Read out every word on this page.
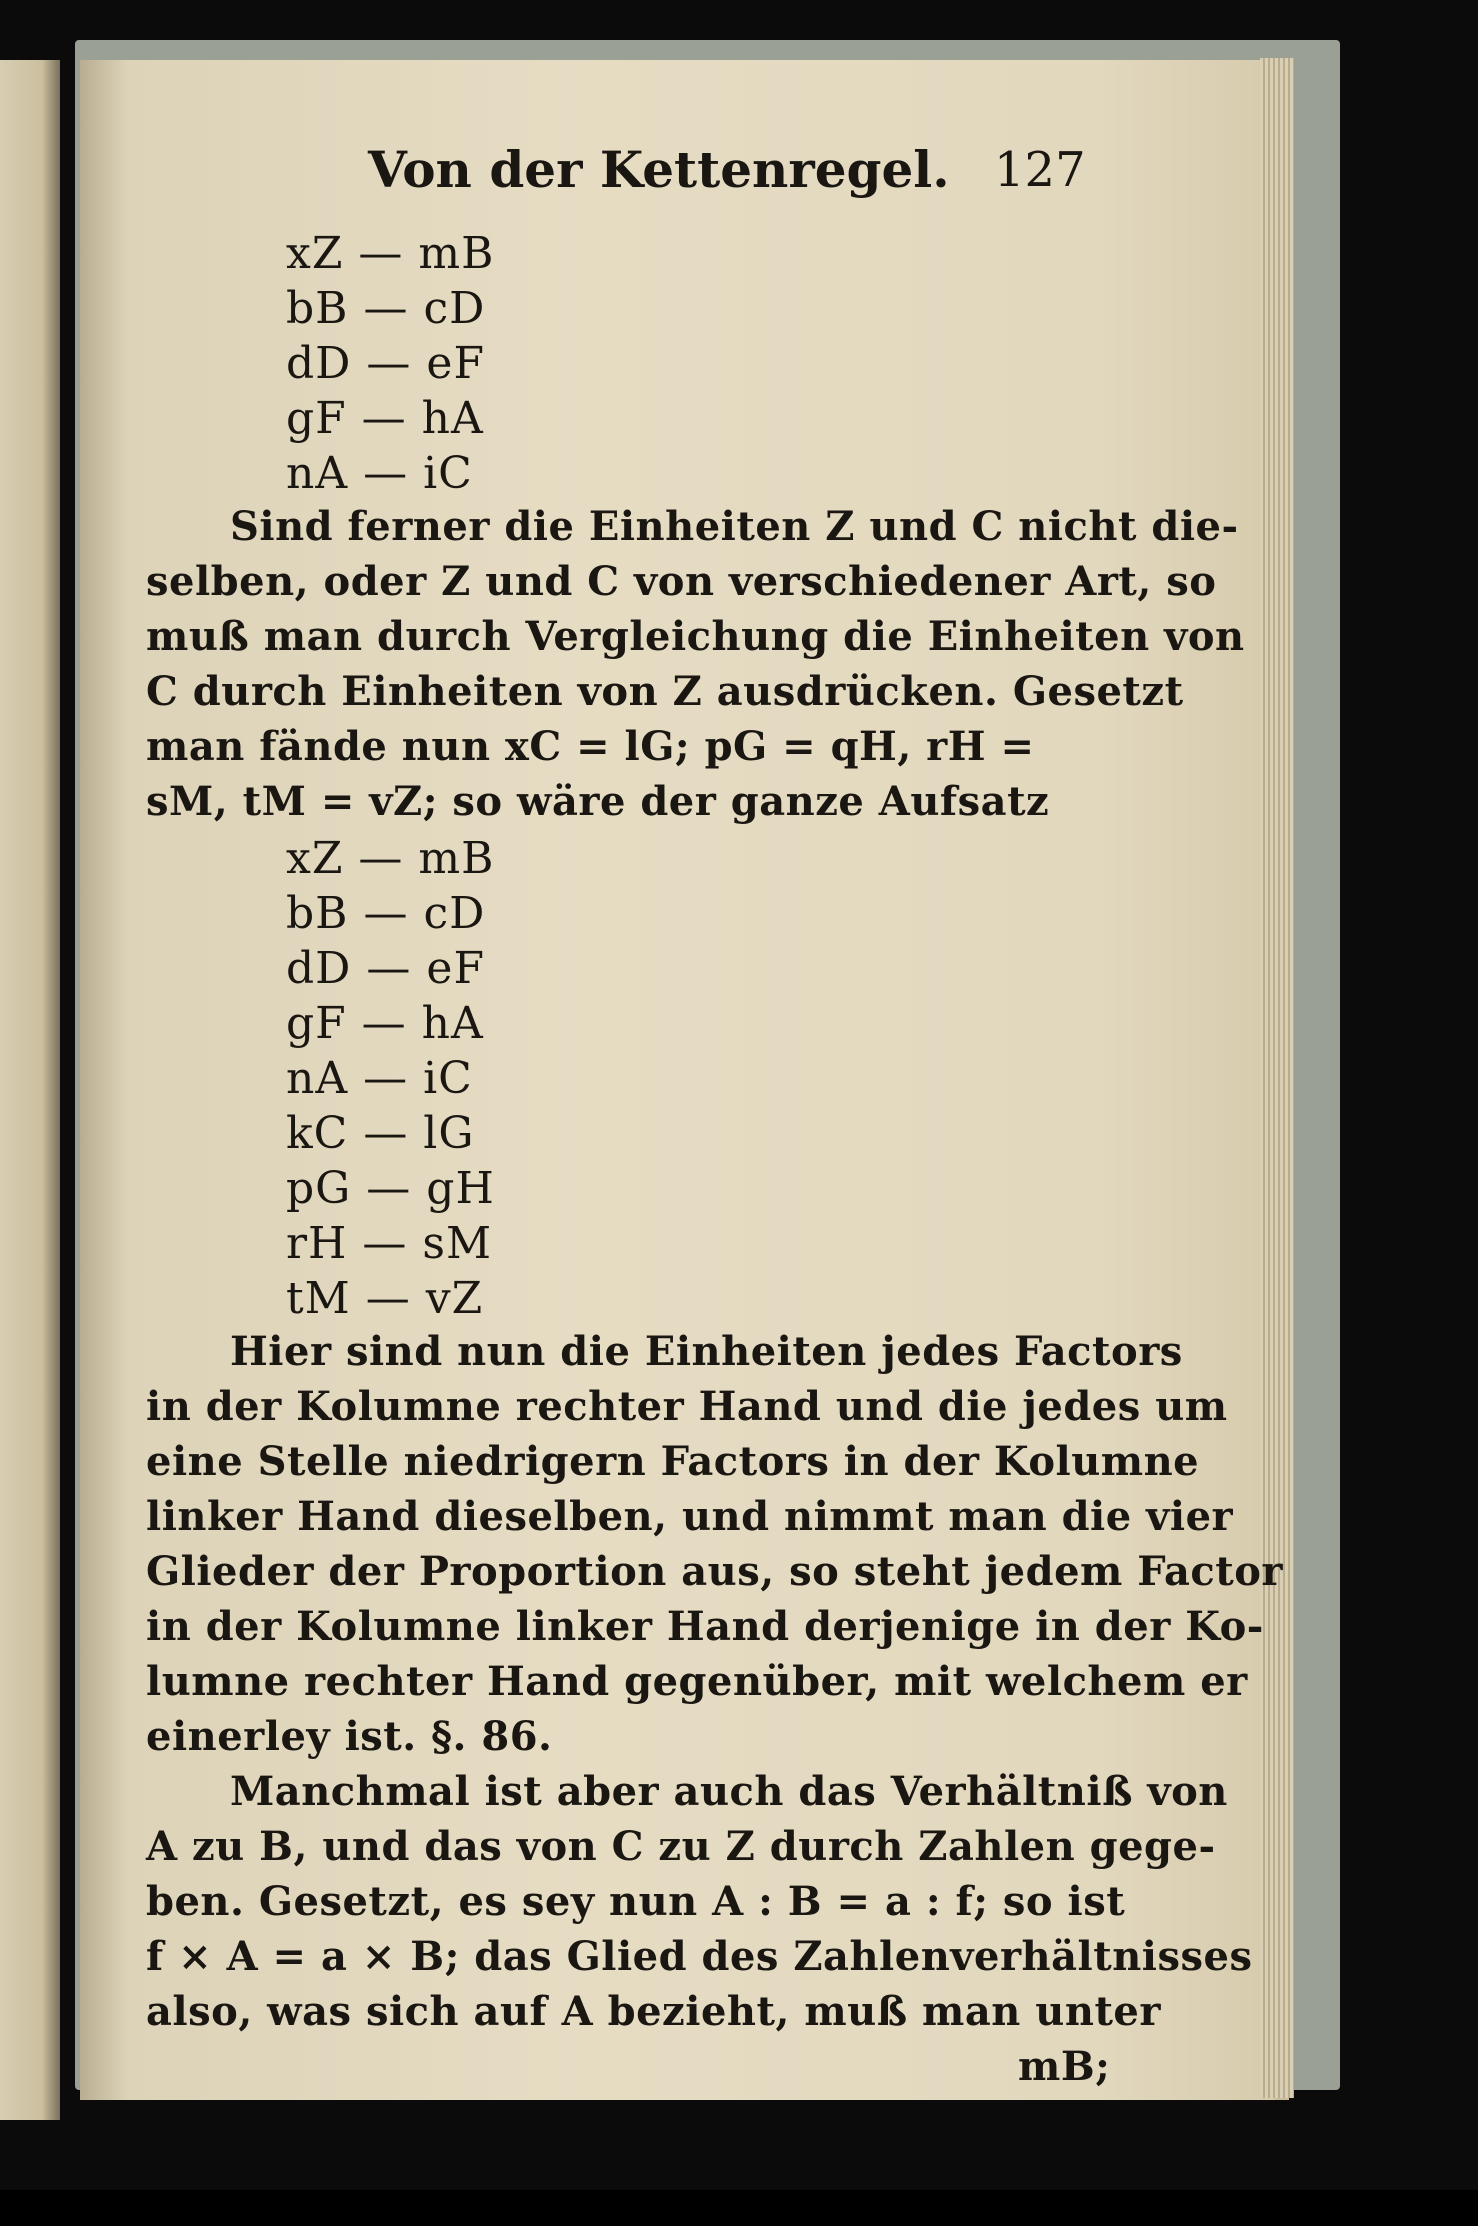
Von der Kettenregel. 127
xZ — mB
bB — cD
dD — eF
gF — hA
nA — iC
Sind ferner die Einheiten Z und C nicht die-
selben, oder Z und C von verschiedener Art, so
muß man durch Vergleichung die Einheiten von
C durch Einheiten von Z ausdrücken. Gesetzt
man fände nun xC = lG; pG = qH, rH =
sM, tM = vZ; so wäre der ganze Aufsatz
xZ — mB
bB — cD
dD — eF
gF — hA
nA — iC
kC — lG
pG — gH
rH — sM
tM — vZ
Hier sind nun die Einheiten jedes Factors
in der Kolumne rechter Hand und die jedes um
eine Stelle niedrigern Factors in der Kolumne
linker Hand dieselben, und nimmt man die vier
Glieder der Proportion aus, so steht jedem Factor
in der Kolumne linker Hand derjenige in der Ko-
lumne rechter Hand gegenüber, mit welchem er
einerley ist. §. 86.
Manchmal ist aber auch das Verhältniß von
A zu B, und das von C zu Z durch Zahlen gege-
ben. Gesetzt, es sey nun A : B = a : f; so ist
f × A = a × B; das Glied des Zahlenverhältnisses
also, was sich auf A bezieht, muß man unter
mB;
